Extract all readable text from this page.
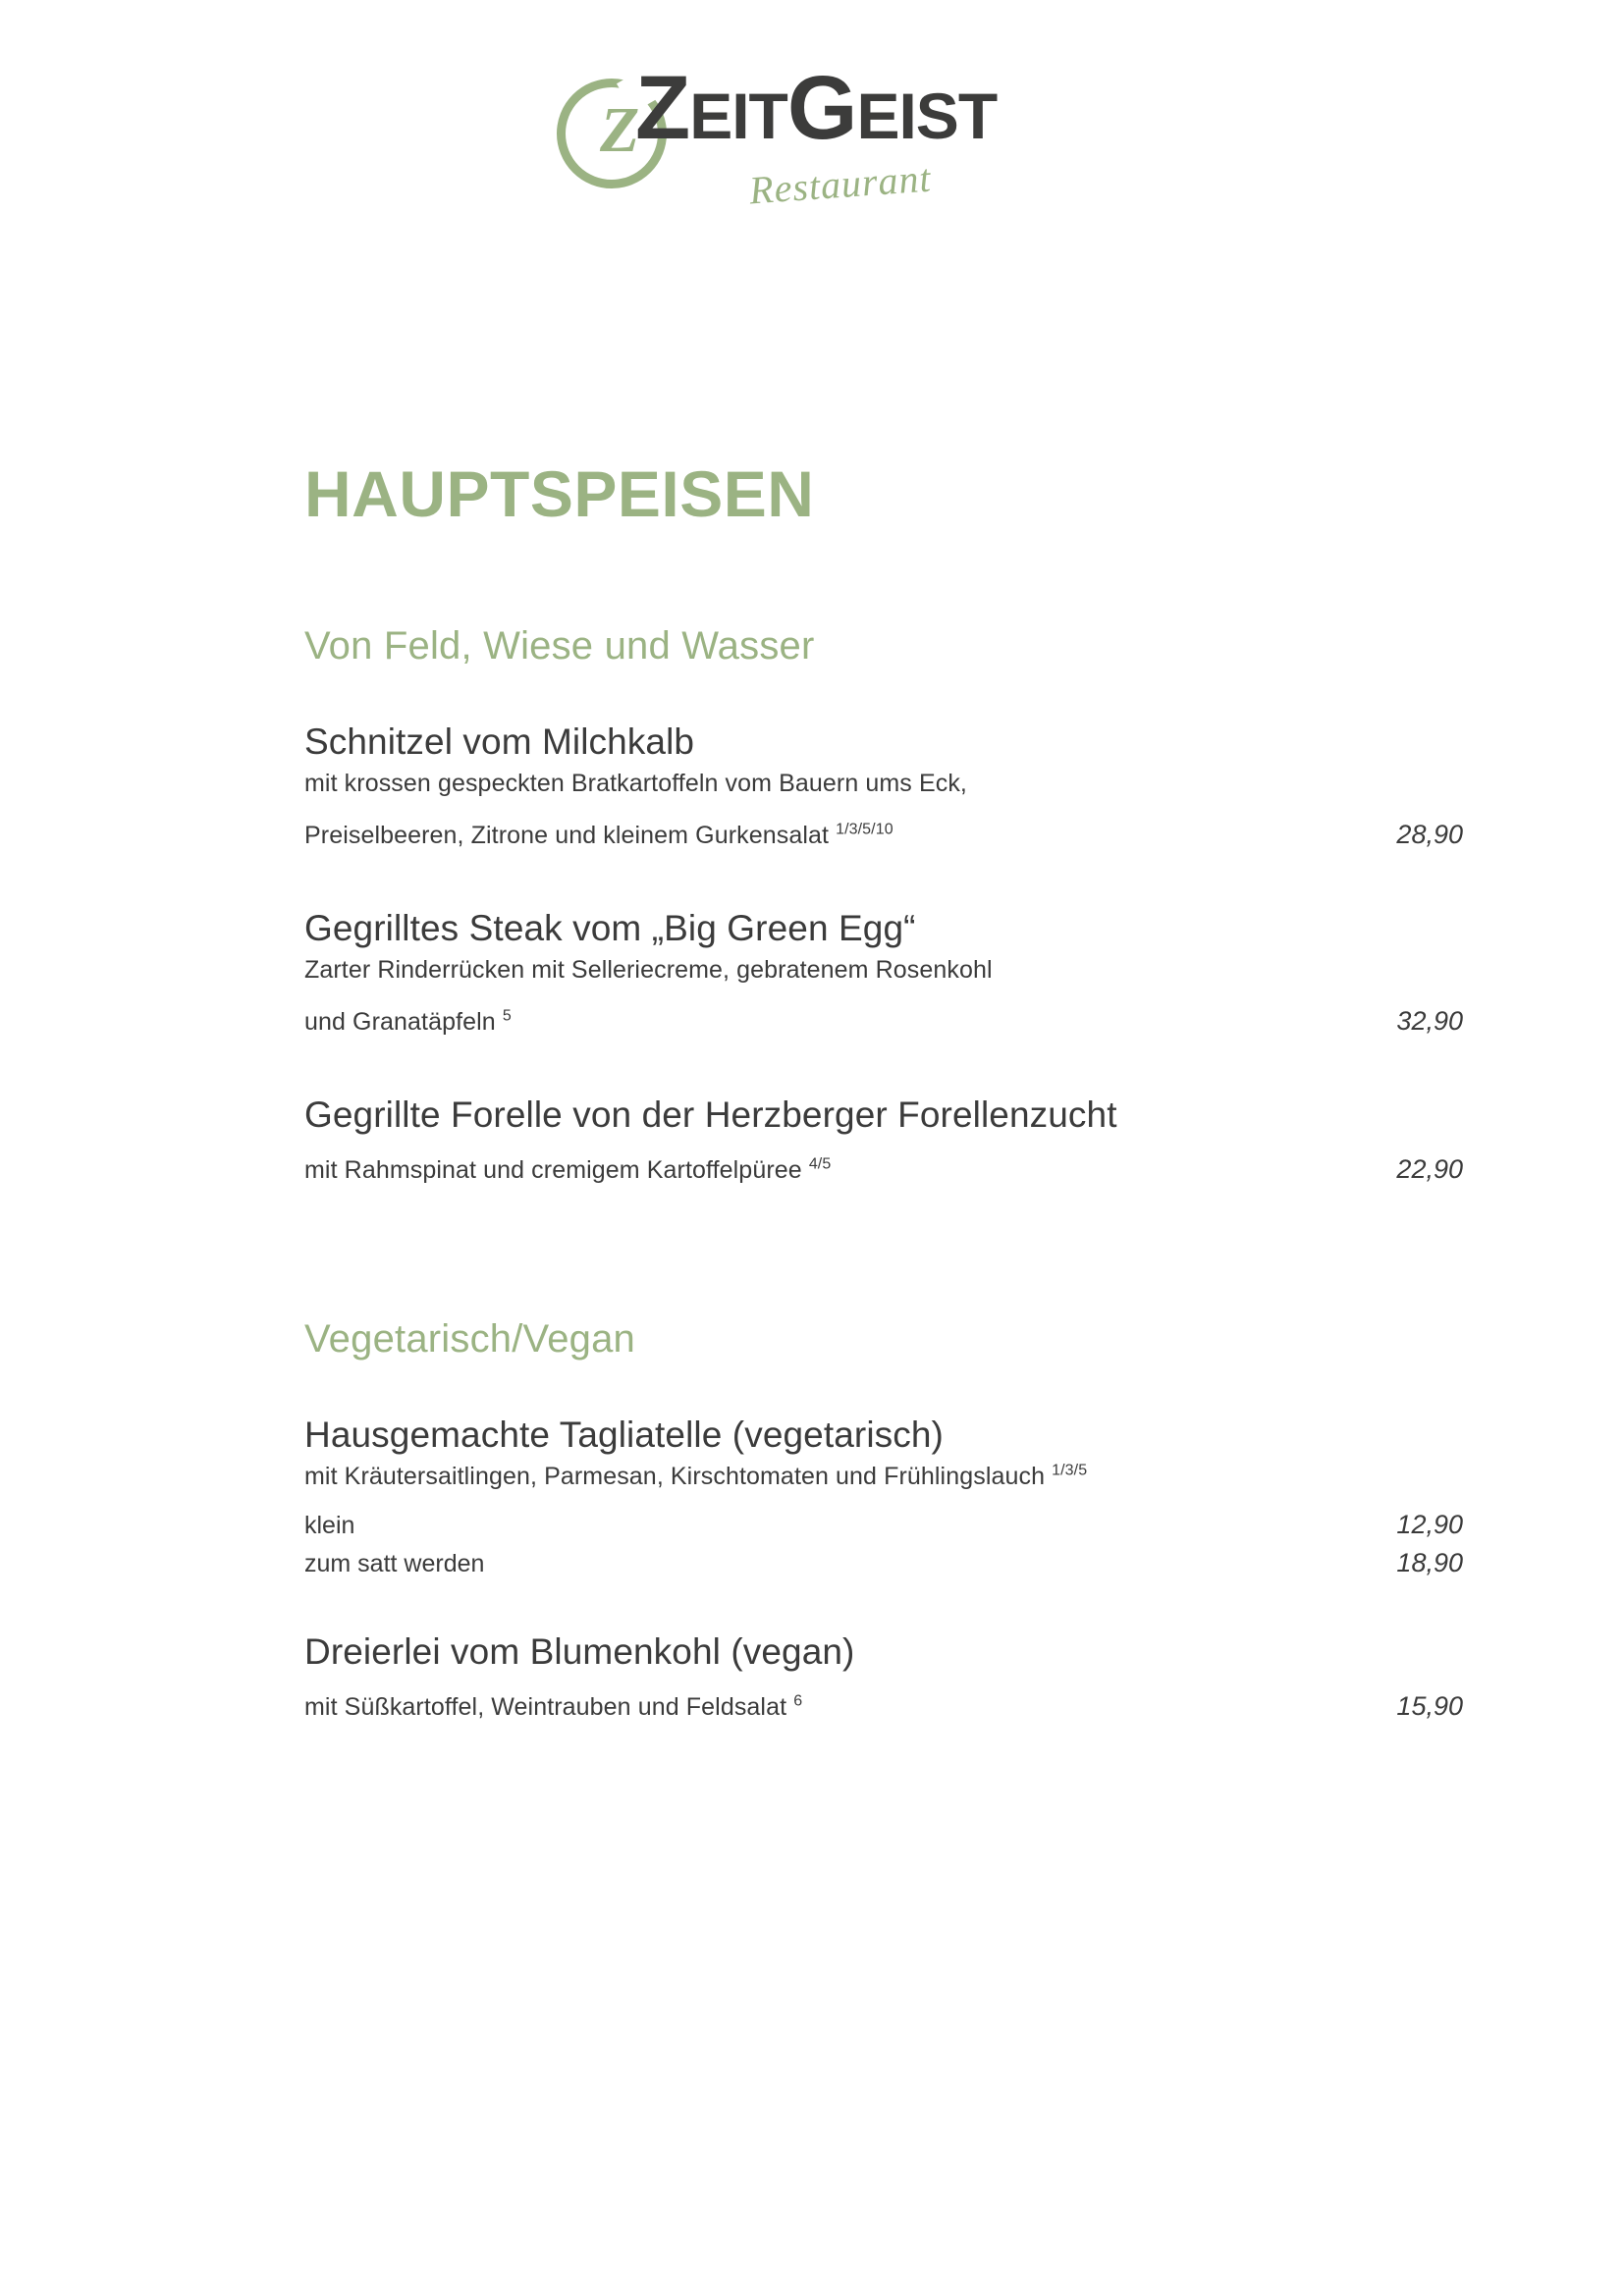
Z
ZEITGEIST
Restaurant
HAUPTSPEISEN
Von Feld, Wiese und Wasser
Schnitzel vom Milchkalb
mit krossen gespeckten Bratkartoffeln vom Bauern ums Eck,
Preiselbeeren, Zitrone und kleinem Gurkensalat $^{1/3/5/10}$	28,90
Gegrilltes Steak vom „Big Green Egg“
Zarter Rinderrücken mit Selleriecreme, gebratenem Rosenkohl
und Granatäpfeln $^5$	32,90
Gegrillte Forelle von der Herzberger Forellenzucht
mit Rahmspinat und cremigem Kartoffelpüree $^{4/5}$	22,90
Vegetarisch/Vegan
Hausgemachte Tagliatelle (vegetarisch)
mit Kräutersaitlingen, Parmesan, Kirschtomaten und Frühlingslauch $^{1/3/5}$
klein	12,90
zum satt werden	18,90
Dreierlei vom Blumenkohl (vegan)
mit Süßkartoffel, Weintrauben und Feldsalat $^6$	15,90
